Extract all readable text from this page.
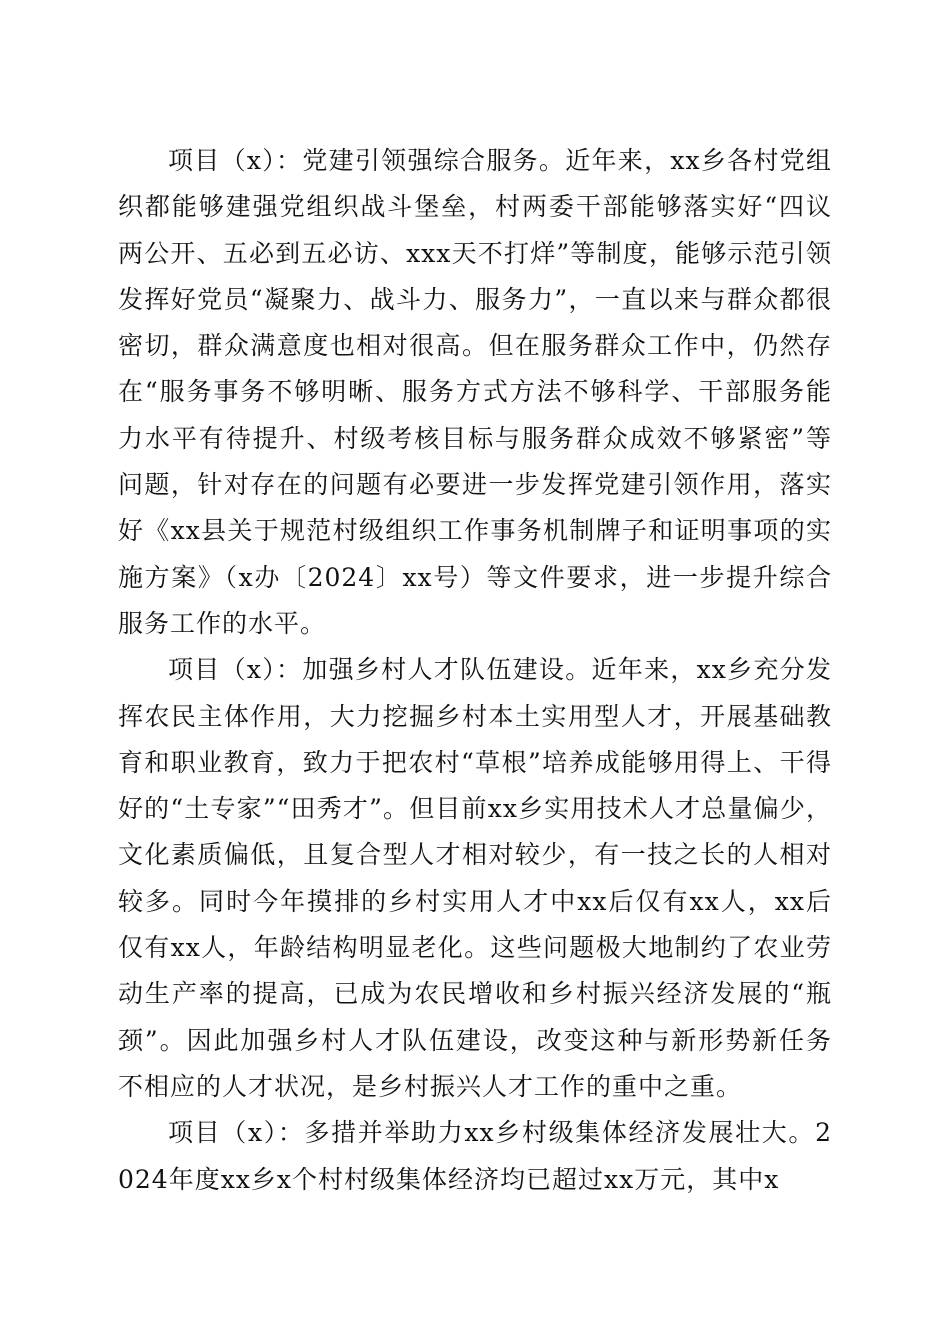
项目（x）：党建引领强综合服务。近年来，xx乡各村党组织都能够建强党组织战斗堡垒，村两委干部能够落实好“四议两公开、五必到五必访、xxx天不打烊”等制度，能够示范引领发挥好党员“凝聚力、战斗力、服务力”，一直以来与群众都很密切，群众满意度也相对很高。但在服务群众工作中，仍然存在“服务事务不够明晰、服务方式方法不够科学、干部服务能力水平有待提升、村级考核目标与服务群众成效不够紧密”等问题，针对存在的问题有必要进一步发挥党建引领作用，落实好《xx县关于规范村级组织工作事务机制牌子和证明事项的实施方案》（x办〔2024〕xx号）等文件要求，进一步提升综合服务工作的水平。

项目（x）：加强乡村人才队伍建设。近年来，xx乡充分发挥农民主体作用，大力挖掘乡村本土实用型人才，开展基础教育和职业教育，致力于把农村“草根”培养成能够用得上、干得好的“土专家”“田秀才”。但目前xx乡实用技术人才总量偏少，文化素质偏低，且复合型人才相对较少，有一技之长的人相对较多。同时今年摸排的乡村实用人才中xx后仅有xx人，xx后仅有xx人，年龄结构明显老化。这些问题极大地制约了农业劳动生产率的提高，已成为农民增收和乡村振兴经济发展的“瓶颈”。因此加强乡村人才队伍建设，改变这种与新形势新任务不相应的人才状况，是乡村振兴人才工作的重中之重。

项目（x）：多措并举助力xx乡村级集体经济发展壮大。2024年度xx乡x个村村级集体经济均已超过xx万元，其中x
